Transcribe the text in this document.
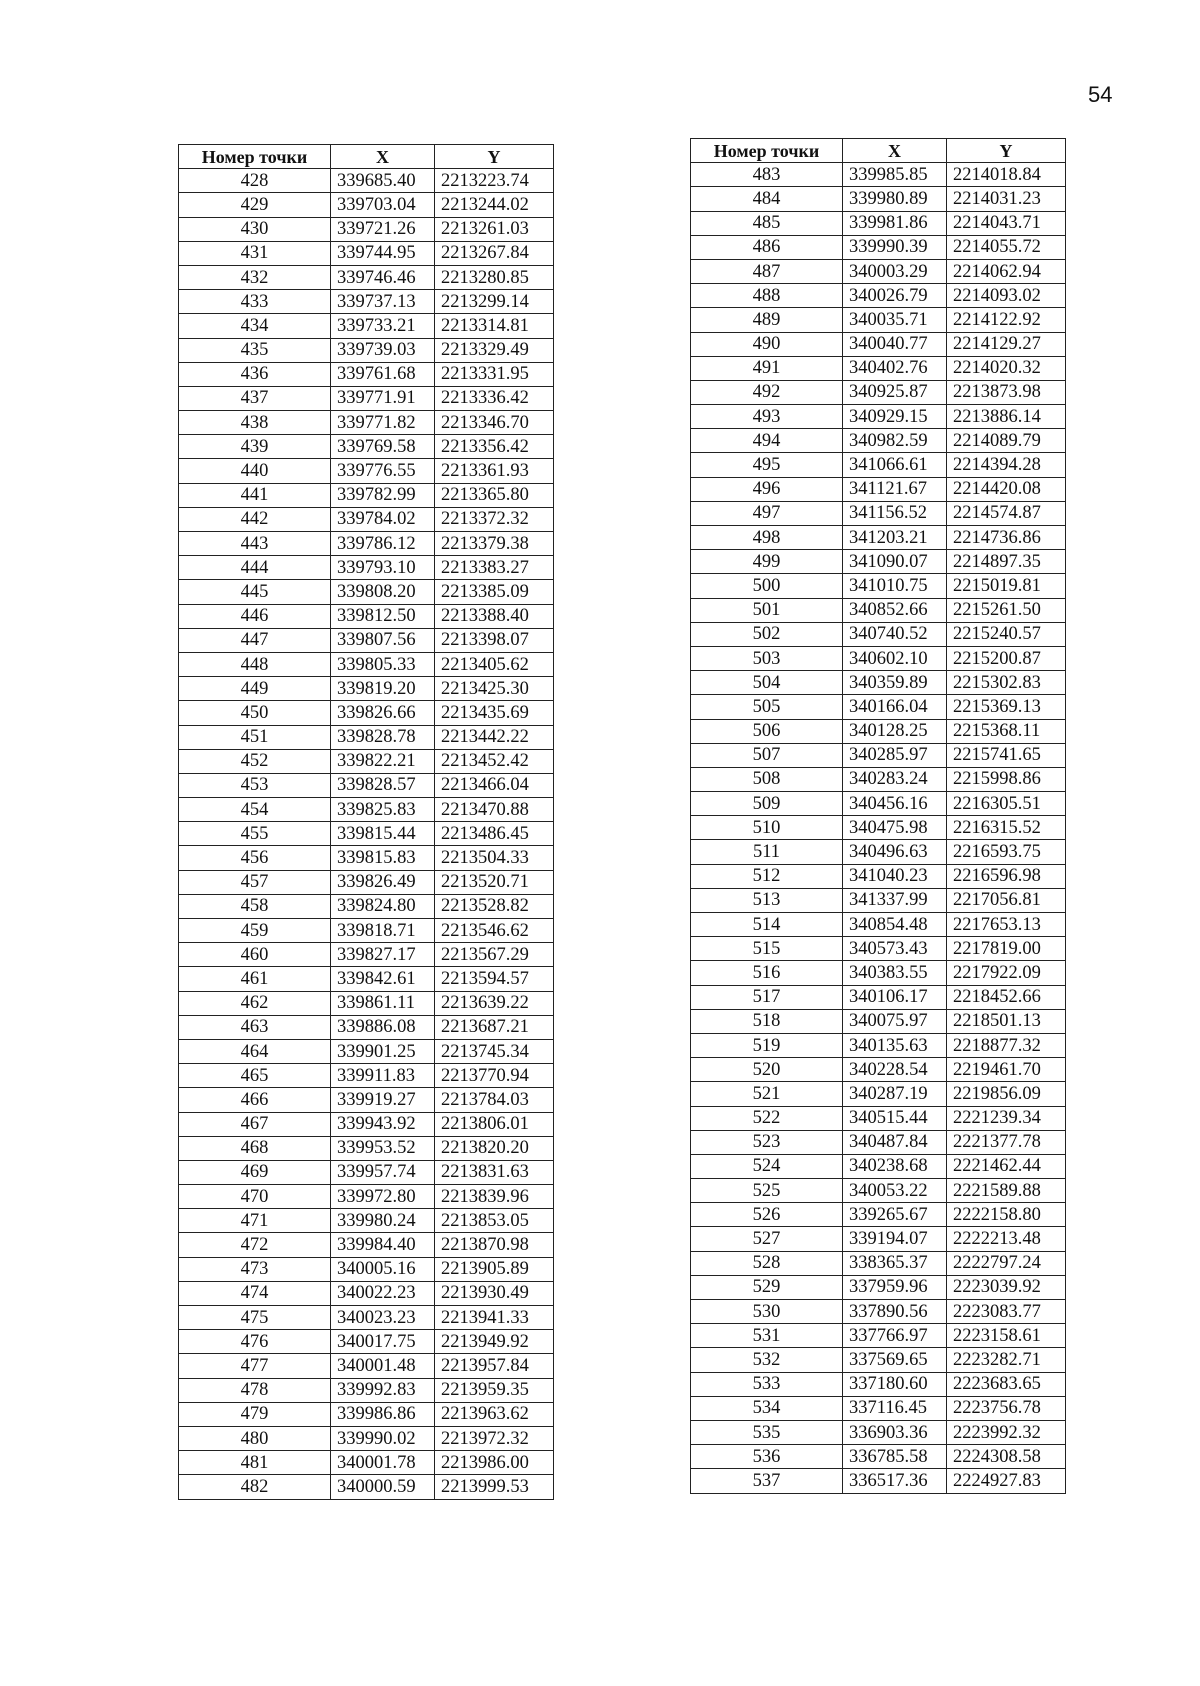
54
Номер точки	X	Y
428	339685.40	2213223.74
429	339703.04	2213244.02
430	339721.26	2213261.03
431	339744.95	2213267.84
432	339746.46	2213280.85
433	339737.13	2213299.14
434	339733.21	2213314.81
435	339739.03	2213329.49
436	339761.68	2213331.95
437	339771.91	2213336.42
438	339771.82	2213346.70
439	339769.58	2213356.42
440	339776.55	2213361.93
441	339782.99	2213365.80
442	339784.02	2213372.32
443	339786.12	2213379.38
444	339793.10	2213383.27
445	339808.20	2213385.09
446	339812.50	2213388.40
447	339807.56	2213398.07
448	339805.33	2213405.62
449	339819.20	2213425.30
450	339826.66	2213435.69
451	339828.78	2213442.22
452	339822.21	2213452.42
453	339828.57	2213466.04
454	339825.83	2213470.88
455	339815.44	2213486.45
456	339815.83	2213504.33
457	339826.49	2213520.71
458	339824.80	2213528.82
459	339818.71	2213546.62
460	339827.17	2213567.29
461	339842.61	2213594.57
462	339861.11	2213639.22
463	339886.08	2213687.21
464	339901.25	2213745.34
465	339911.83	2213770.94
466	339919.27	2213784.03
467	339943.92	2213806.01
468	339953.52	2213820.20
469	339957.74	2213831.63
470	339972.80	2213839.96
471	339980.24	2213853.05
472	339984.40	2213870.98
473	340005.16	2213905.89
474	340022.23	2213930.49
475	340023.23	2213941.33
476	340017.75	2213949.92
477	340001.48	2213957.84
478	339992.83	2213959.35
479	339986.86	2213963.62
480	339990.02	2213972.32
481	340001.78	2213986.00
482	340000.59	2213999.53
Номер точки	X	Y
483	339985.85	2214018.84
484	339980.89	2214031.23
485	339981.86	2214043.71
486	339990.39	2214055.72
487	340003.29	2214062.94
488	340026.79	2214093.02
489	340035.71	2214122.92
490	340040.77	2214129.27
491	340402.76	2214020.32
492	340925.87	2213873.98
493	340929.15	2213886.14
494	340982.59	2214089.79
495	341066.61	2214394.28
496	341121.67	2214420.08
497	341156.52	2214574.87
498	341203.21	2214736.86
499	341090.07	2214897.35
500	341010.75	2215019.81
501	340852.66	2215261.50
502	340740.52	2215240.57
503	340602.10	2215200.87
504	340359.89	2215302.83
505	340166.04	2215369.13
506	340128.25	2215368.11
507	340285.97	2215741.65
508	340283.24	2215998.86
509	340456.16	2216305.51
510	340475.98	2216315.52
511	340496.63	2216593.75
512	341040.23	2216596.98
513	341337.99	2217056.81
514	340854.48	2217653.13
515	340573.43	2217819.00
516	340383.55	2217922.09
517	340106.17	2218452.66
518	340075.97	2218501.13
519	340135.63	2218877.32
520	340228.54	2219461.70
521	340287.19	2219856.09
522	340515.44	2221239.34
523	340487.84	2221377.78
524	340238.68	2221462.44
525	340053.22	2221589.88
526	339265.67	2222158.80
527	339194.07	2222213.48
528	338365.37	2222797.24
529	337959.96	2223039.92
530	337890.56	2223083.77
531	337766.97	2223158.61
532	337569.65	2223282.71
533	337180.60	2223683.65
534	337116.45	2223756.78
535	336903.36	2223992.32
536	336785.58	2224308.58
537	336517.36	2224927.83
